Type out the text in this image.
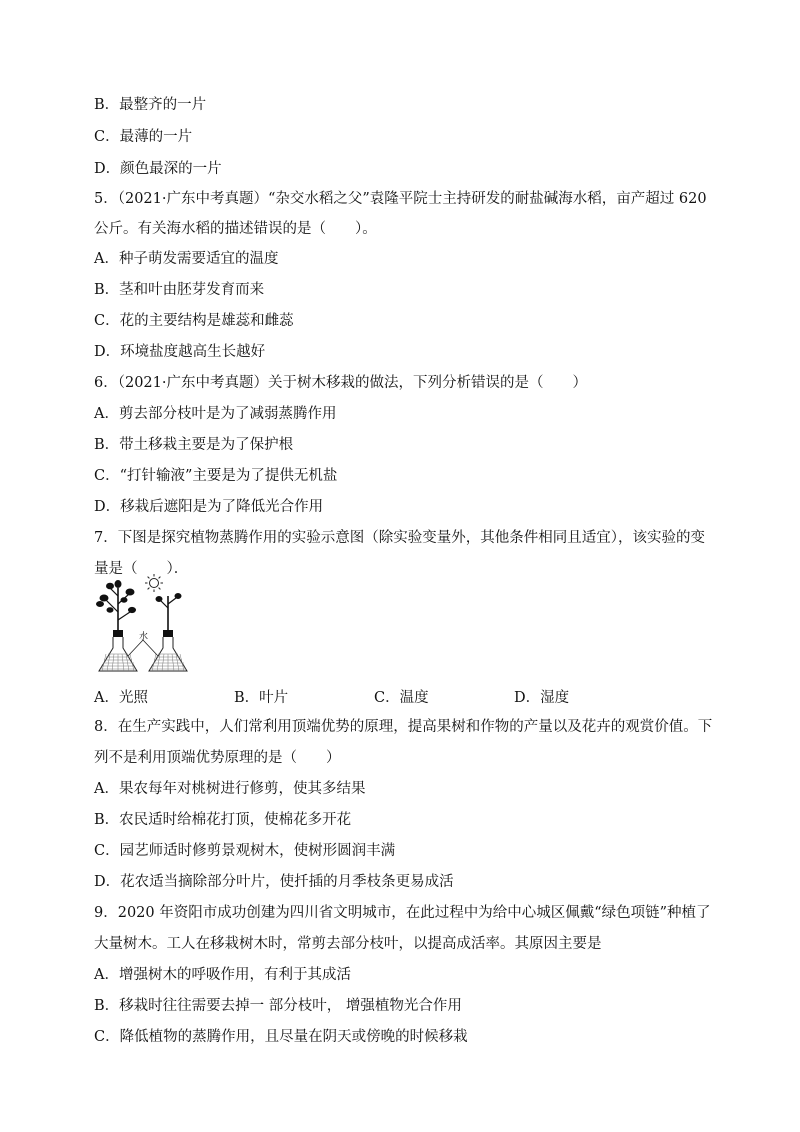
B．最整齐的一片
C．最薄的一片
D．颜色最深的一片
5．（2021·广东中考真题）“杂交水稻之父”袁隆平院士主持研发的耐盐碱海水稻，亩产超过 620
公斤。有关海水稻的描述错误的是（　　）。
A．种子萌发需要适宜的温度
B．茎和叶由胚芽发育而来
C．花的主要结构是雄蕊和雌蕊
D．环境盐度越高生长越好
6．（2021·广东中考真题）关于树木移栽的做法，下列分析错误的是（　　）
A．剪去部分枝叶是为了减弱蒸腾作用
B．带土移栽主要是为了保护根
C．“打针输液”主要是为了提供无机盐
D．移栽后遮阳是为了降低光合作用
7．下图是探究植物蒸腾作用的实验示意图（除实验变量外，其他条件相同且适宜），该实验的变
量是（　　）．
水
A．光照	B．叶片	C．温度	D．湿度
8．在生产实践中，人们常利用顶端优势的原理，提高果树和作物的产量以及花卉的观赏价值。下
列不是利用顶端优势原理的是（　　）
A．果农每年对桃树进行修剪，使其多结果
B．农民适时给棉花打顶，使棉花多开花
C．园艺师适时修剪景观树木，使树形圆润丰满
D．花农适当摘除部分叶片，使扦插的月季枝条更易成活
9．2020 年资阳市成功创建为四川省文明城市，在此过程中为给中心城区佩戴“绿色项链”种植了
大量树木。工人在移栽树木时，常剪去部分枝叶，以提高成活率。其原因主要是
A．增强树木的呼吸作用，有利于其成活
B．移栽时往往需要去掉一 部分枝叶， 增强植物光合作用
C．降低植物的蒸腾作用，且尽量在阴天或傍晚的时候移栽
